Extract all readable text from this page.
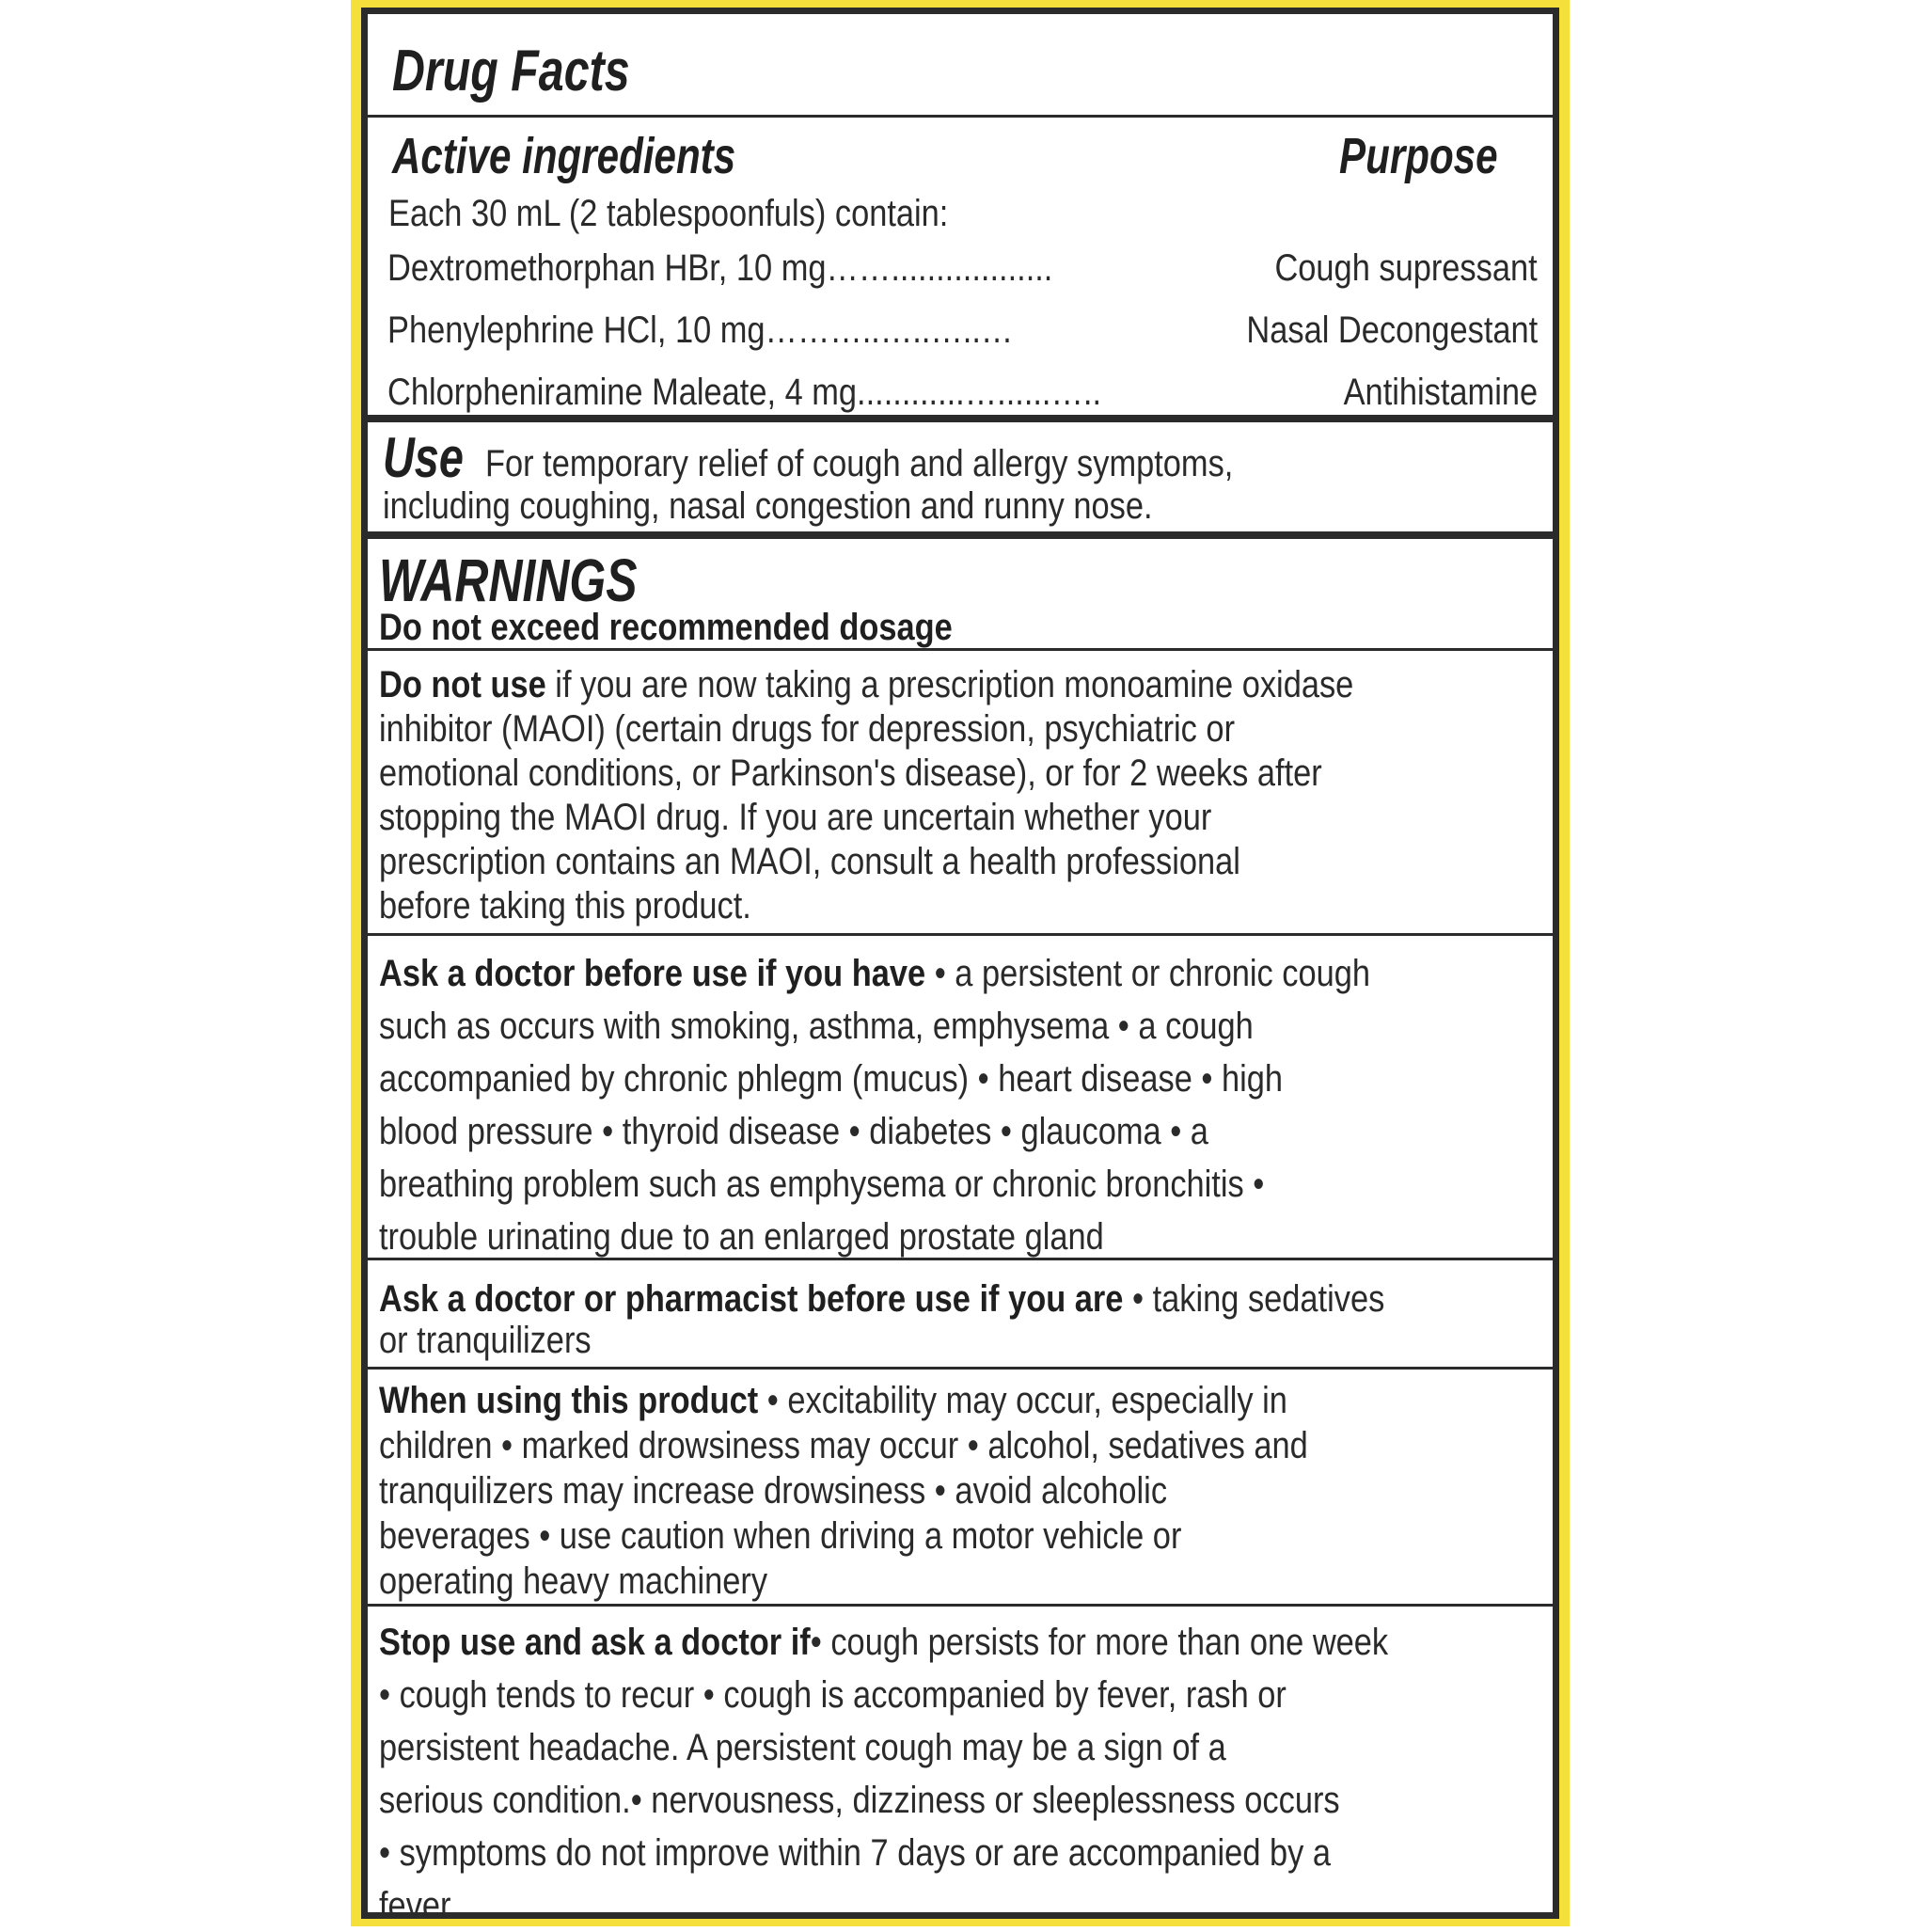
Drug Facts
Active ingredients	Purpose
Each 30 mL (2 tablespoonfuls) contain:
Dextromethorphan HBr, 10 mg……..................	Cough supressant
Phenylephrine HCl, 10 mg………..…..…..…	Nasal Decongestant
Chlorpheniramine Maleate, 4 mg............…......…..	Antihistamine
Use For temporary relief of cough and allergy symptoms,
including coughing, nasal congestion and runny nose.
WARNINGS
Do not exceed recommended dosage
Do not use if you are now taking a prescription monoamine oxidase
inhibitor (MAOI) (certain drugs for depression, psychiatric or
emotional conditions, or Parkinson's disease), or for 2 weeks after
stopping the MAOI drug. If you are uncertain whether your
prescription contains an MAOI, consult a health professional
before taking this product.
Ask a doctor before use if you have • a persistent or chronic cough
such as occurs with smoking, asthma, emphysema • a cough
accompanied by chronic phlegm (mucus) • heart disease • high
blood pressure • thyroid disease • diabetes • glaucoma • a
breathing problem such as emphysema or chronic bronchitis •
trouble urinating due to an enlarged prostate gland
Ask a doctor or pharmacist before use if you are • taking sedatives
or tranquilizers
When using this product • excitability may occur, especially in
children • marked drowsiness may occur • alcohol, sedatives and
tranquilizers may increase drowsiness • avoid alcoholic
beverages • use caution when driving a motor vehicle or
operating heavy machinery
Stop use and ask a doctor if• cough persists for more than one week
• cough tends to recur • cough is accompanied by fever, rash or
persistent headache. A persistent cough may be a sign of a
serious condition.• nervousness, dizziness or sleeplessness occurs
• symptoms do not improve within 7 days or are accompanied by a
fever
